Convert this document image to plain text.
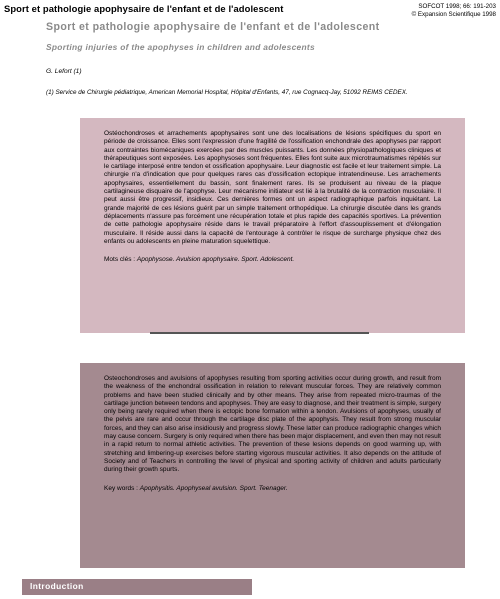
Sport et pathologie apophysaire de l'enfant et de l'adolescent	SOFCOT 1998; 66: 191-203
© Expansion Scientifique 1998
Sport et pathologie apophysaire de l'enfant et de l'adolescent
Sporting injuries of the apophyses in children and adolescents
G. Lefort (1)
(1) Service de Chirurgie pédiatrique, American Memorial Hospital, Hôpital d'Enfants, 47, rue Cognacq-Jay, 51092 REIMS CEDEX.

Ostéochondroses et arrachements apophysaires sont une des localisations de lésions spécifiques du sport en période de croissance. Elles sont l'expression d'une fragilité de l'ossification enchondrale des apophyses par rapport aux contraintes biomécaniques exercées par des muscles puissants. Les données physiopathologiques cliniques et thérapeutiques sont exposées. Les apophysoses sont fréquentes. Elles font suite aux microtraumatismes répétés sur le cartilage interposé entre tendon et ossification apophysaire. Leur diagnostic est facile et leur traitement simple. La chirurgie n'a d'indication que pour quelques rares cas d'ossification ectopique intratendineuse. Les arrachements apophysaires, essentiellement du bassin, sont finalement rares. Ils se produisent au niveau de la plaque cartilagineuse disquaire de l'apophyse. Leur mécanisme initiateur est lié à la brutalité de la contraction musculaire. Il peut aussi être progressif, insidieux. Ces dernières formes ont un aspect radiographique parfois inquiétant. La grande majorité de ces lésions guérit par un simple traitement orthopédique. La chirurgie discutée dans les grands déplacements n'assure pas forcément une récupération totale et plus rapide des capacités sportives. La prévention de cette pathologie apophysaire réside dans le travail préparatoire à l'effort d'assouplissement et d'élongation musculaire. Il réside aussi dans la capacité de l'entourage à contrôler le risque de surcharge physique chez des enfants ou adolescents en pleine maturation squelettique.

Mots clés : Apophysose. Avulsion apophysaire. Sport. Adolescent.

Osteochondroses and avulsions of apophyses resulting from sporting activities occur during growth, and result from the weakness of the enchondral ossification in relation to relevant muscular forces. They are relatively common problems and have been studied clinically and by other means. They arise from repeated micro-traumas of the cartilage junction between tendons and apophyses. They are easy to diagnose, and their treatment is simple, surgery only being rarely required when there is ectopic bone formation within a tendon. Avulsions of apophyses, usually of the pelvis are rare and occur through the cartilage disc plate of the apophysis. They result from strong muscular forces, and they can also arise insidiously and progress slowly. These latter can produce radiographic changes which may cause concern. Surgery is only required when there has been major displacement, and even then may not result in a rapid return to normal athletic activities. The prevention of these lesions depends on good warming up, with stretching and limbering-up exercises before starting vigorous muscular activities. It also depends on the attitude of Society and of Teachers in controlling the level of physical and sporting activity of children and adults particularly during their growth spurts.

Key words : Apophysitis. Apophyseal avulsion. Sport. Teenager.

Introduction
